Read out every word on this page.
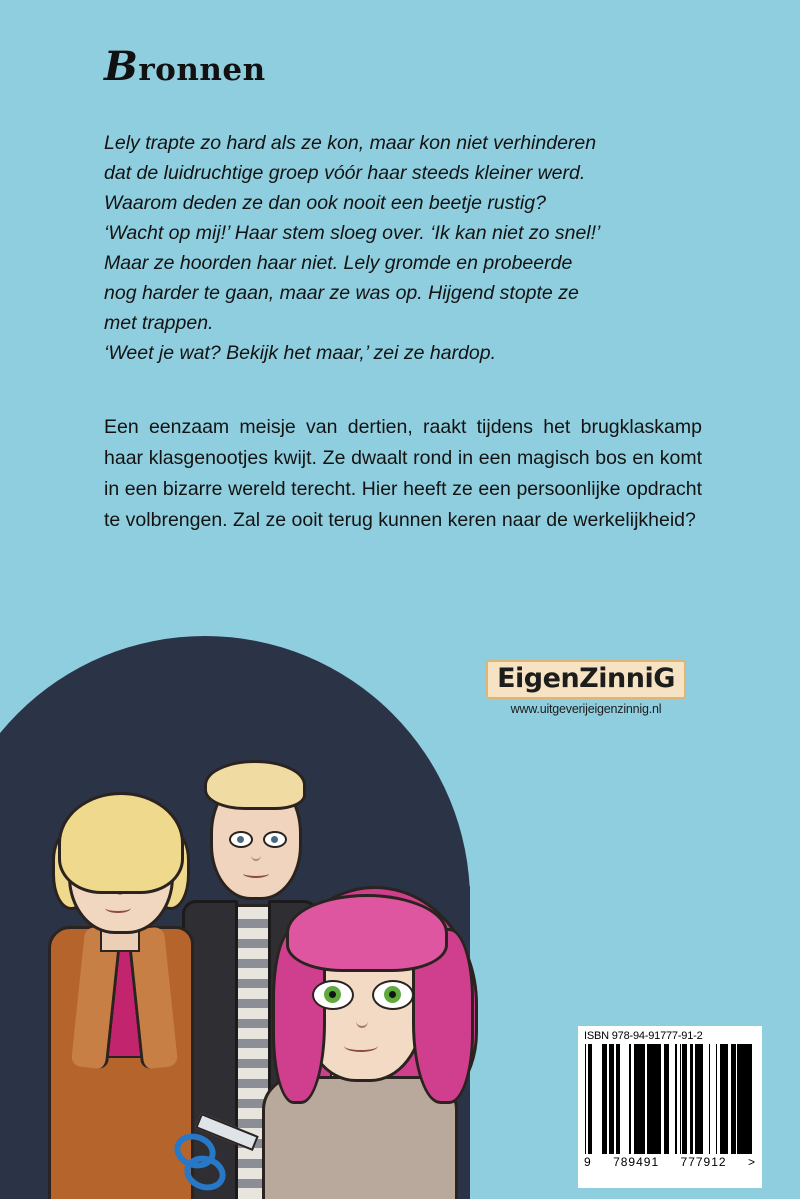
Bronnen

Lely trapte zo hard als ze kon, maar kon niet verhinderen

dat de luidruchtige groep vóór haar steeds kleiner werd.

Waarom deden ze dan ook nooit een beetje rustig?

‘Wacht op mij!’ Haar stem sloeg over. ‘Ik kan niet zo snel!’

Maar ze hoorden haar niet. Lely gromde en probeerde

nog harder te gaan, maar ze was op. Hijgend stopte ze

met trappen.

‘Weet je wat? Bekijk het maar,’ zei ze hardop.

Een eenzaam meisje van dertien, raakt tijdens het brugklaskamp haar klasgenootjes kwijt. Ze dwaalt rond in een magisch bos en komt in een bizarre wereld terecht. Hier heeft ze een persoonlijke opdracht te volbrengen. Zal ze ooit terug kunnen keren naar de werkelijkheid?

EigenZinniG
www.uitgeverijeigenzinnig.nl
ISBN 978-94-91777-91-2
9 789491 777912 >
